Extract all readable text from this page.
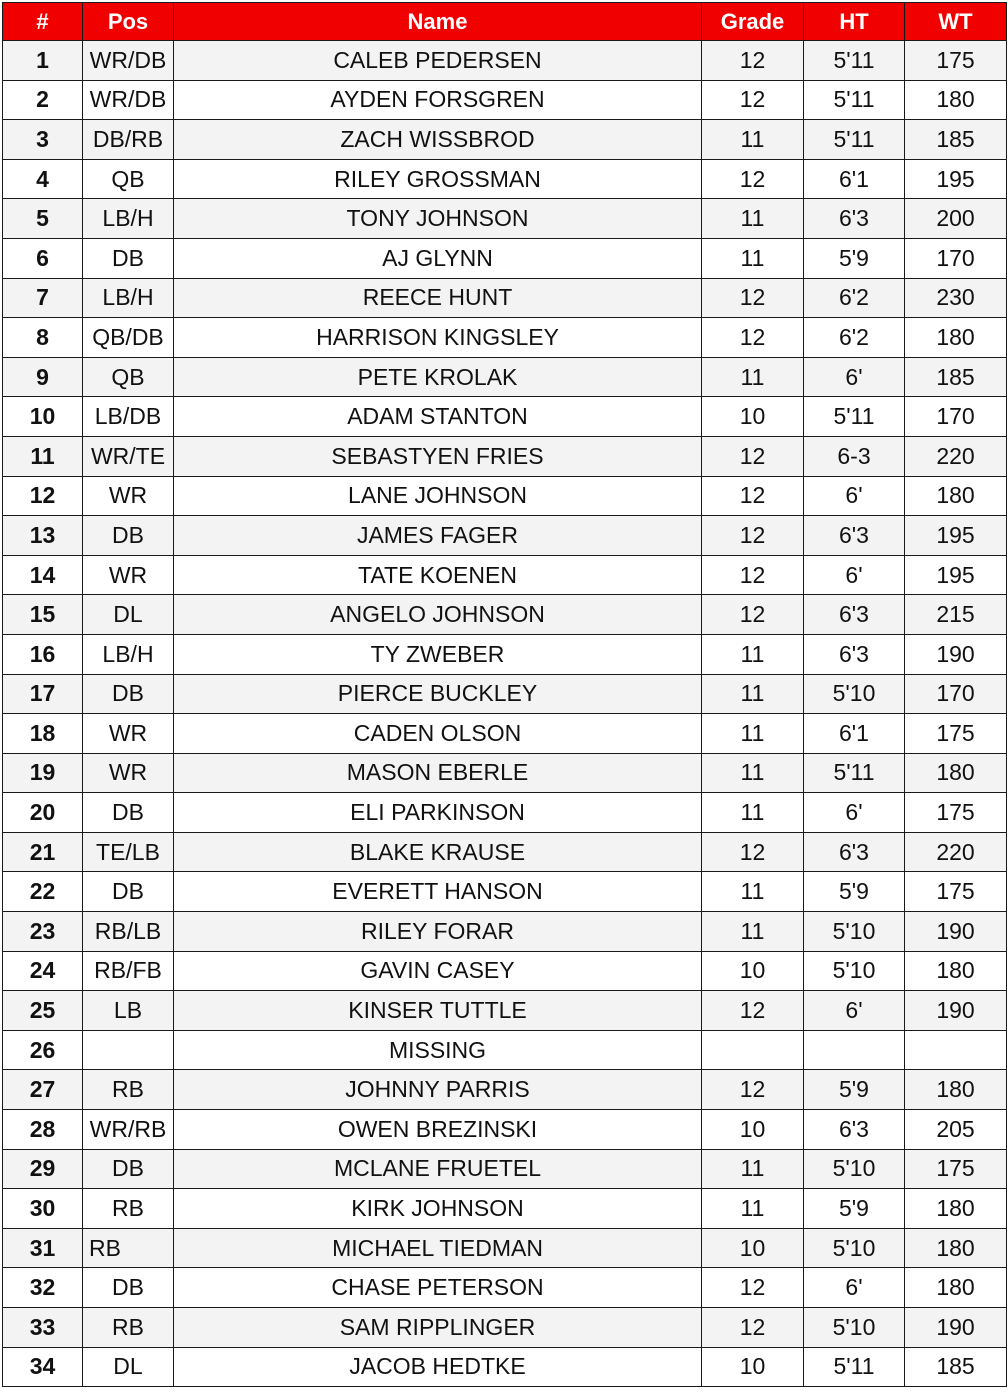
#	Pos	Name	Grade	HT	WT
1	WR/DB	CALEB PEDERSEN	12	5'11	175
2	WR/DB	AYDEN FORSGREN	12	5'11	180
3	DB/RB	ZACH WISSBROD	11	5'11	185
4	QB	RILEY GROSSMAN	12	6'1	195
5	LB/H	TONY JOHNSON	11	6'3	200
6	DB	AJ GLYNN	11	5'9	170
7	LB/H	REECE HUNT	12	6'2	230
8	QB/DB	HARRISON KINGSLEY	12	6'2	180
9	QB	PETE KROLAK	11	6'	185
10	LB/DB	ADAM STANTON	10	5'11	170
11	WR/TE	SEBASTYEN FRIES	12	6-3	220
12	WR	LANE JOHNSON	12	6'	180
13	DB	JAMES FAGER	12	6'3	195
14	WR	TATE KOENEN	12	6'	195
15	DL	ANGELO JOHNSON	12	6'3	215
16	LB/H	TY ZWEBER	11	6'3	190
17	DB	PIERCE BUCKLEY	11	5'10	170
18	WR	CADEN OLSON	11	6'1	175
19	WR	MASON EBERLE	11	5'11	180
20	DB	ELI PARKINSON	11	6'	175
21	TE/LB	BLAKE KRAUSE	12	6'3	220
22	DB	EVERETT HANSON	11	5'9	175
23	RB/LB	RILEY FORAR	11	5'10	190
24	RB/FB	GAVIN CASEY	10	5'10	180
25	LB	KINSER TUTTLE	12	6'	190
26		MISSING			
27	RB	JOHNNY PARRIS	12	5'9	180
28	WR/RB	OWEN BREZINSKI	10	6'3	205
29	DB	MCLANE FRUETEL	11	5'10	175
30	RB	KIRK JOHNSON	11	5'9	180
31	RB	MICHAEL TIEDMAN	10	5'10	180
32	DB	CHASE PETERSON	12	6'	180
33	RB	SAM RIPPLINGER	12	5'10	190
34	DL	JACOB HEDTKE	10	5'11	185
